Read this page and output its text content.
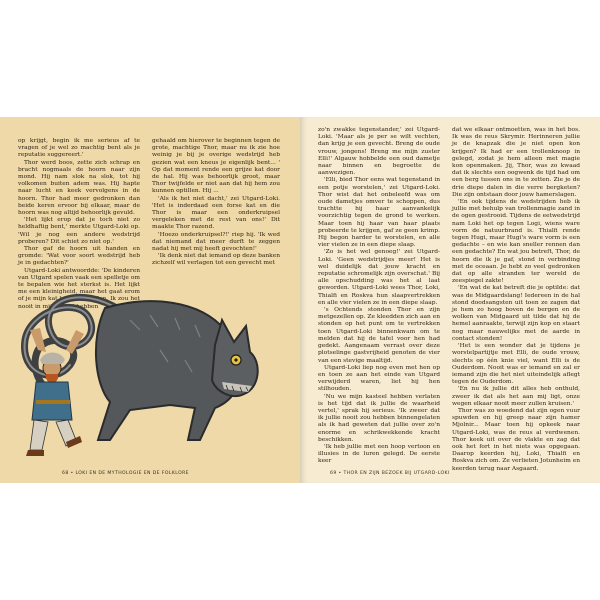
op krijgt, begin ik me serieus af te vragen of je wel zo machtig bent als je reputatie suggereert.'

Thor werd boos, zette zich schrap en bracht nogmaals de hoorn naar zijn mond. Hij nam slok na slok, tot hij volkomen buiten adem was. Hij hapte naar lucht en keek vervolgens in de hoorn. Thor had meer gedronken dan beide keren ervoor bij elkaar, maar de hoorn was nog altijd behoorlijk gevuld.

'Het lijkt erop dat je toch niet zo heldhaftig bent,' merkte Utgard-Loki op. 'Wil je nog een andere wedstrijd proberen? Dit schiet zo niet op.'

Thor gaf de hoorn uit handen en gromde: 'Wat voor soort wedstrijd heb je in gedachten?'

Utgard-Loki antwoordde: 'De kinderen van Utgard spelen vaak een spelletje om te bepalen wie het sterkst is. Het lijkt me een kleinigheid, maar het gaat erom of je mijn kat kunnen optillen. Ik zou het nooit in mijn hoofd hebben

gehaald om hierover te beginnen tegen de grote, machtige Thor, maar nu ik zie hoe weinig je bij je overige wedstrijd heb gezien wat een kneus je eigenlijk bent... ' Op dat moment rende een grijze kat door de hal. Hij was behoorlijk groot, maar Thor twijfelde er niet aan dat hij hem zou kunnen optillen. Hij ...

'Als ik het niet dacht,' zei Utgard-Loki. 'Het is inderdaad een forse kat en die Thor is maar een onderkruipsel vergeleken met de rest van ons!' Dit maakte Thor razend.

'Hoezo onderkruipsel?!' riep hij. 'Ik wed dat niemand dat meer durft te zeggen nadat hij met mij heeft gevochten!'

'Ik denk niet dat iemand op deze banken zichzelf wil verlagen tot een gevecht met

68 • LOKI EN DE MYTHOLOGIE EN DE FOLKLORE

zo'n zwakke tegenstander,' zei Utgard-Loki. 'Maar als je per se wilt vechten, dan krijg je een gevecht. Breng de oude vrouw, jongens! Breng me mijn zuster Elli!' Algauw hobbelde een oud dametje naar binnen en begroette de aanwezigen.

'Elli, bied Thor eens wat tegenstand in een potje worstelen,' zei Utgard-Loki. Thor wist dat het onbeleefd was om oude dametjes omver te schoppen, dus trachtte hij haar aanvankelijk voorzichtig tegen de grond te werken. Maar toen hij haar van haar plaats probeerde te krijgen, gaf ze geen krimp. Hij begon harder te worstelen, en alle vier vielen ze in een diepe slaap.

'Zo is het wel genoeg!' zei Utgard-Loki. 'Geen wedstrijdjes meer! Het is wel duidelijk dat jouw kracht en reputatie schromelijk zijn overschat.' Bij alle opschudding was het al laat geworden. Utgard-Loki wees Thor, Loki, Thialfi en Roskva hun slaapvertrekken en alle vier vielen ze in een diepe slaap.

's Ochtends stonden Thor en zijn metgezellen op. Ze kleedden zich aan en stonden op het punt om te vertrekken toen Utgard-Loki binnenkwam om te melden dat hij de tafel voor hen had gedekt. Aangenaam verrast over deze plotselinge gastvrijheid genoten de vier van een stevige maaltijd.

Utgard-Loki liep nog even met hen op en toen ze aan het einde van Utgard verwijderd waren, liet hij hen stilhouden.

'Nu we mijn kasteel hebben verlaten is het tijd dat ik jullie de waarheid vertel,' sprak hij serieus. 'Ik zweer dat ik jullie nooit zou hebben binnengelaten als ik had geweten dat jullie over zo'n enorme en schrikwekkende kracht beschikken.

'Ik heb jullie met een hoop vertoon en illusies in de luren gelegd. De eerste keer

dat we elkaar ontmoetten, was in het bos. Ik was de reus Skrymir. Herinneren jullie je de knapzak die je niet open kon krijgen? Ik had er een trollenknoop in gelegd, zodat je hem alleen met magie kon openmaken. Jij, Thor, was zo kwaad dat ik slechts een oogwenk de tijd had om een berg tussen ons in te zetten. Zie je de drie diepe dalen in die verre bergketen? Die zijn ontstaan door jouw hamerslagen.

'En ook tijdens de wedstrijden heb ik jullie met behulp van trollenmagie zand in de ogen gestrooid. Tijdens de eetwedstrijd nam Loki het op tegen Logi, wiens ware vorm de natuurbrand is. Thialfi rende tegen Hugi, maar Hugi's ware vorm is een gedachte – en wie kan sneller rennen dan een gedachte? En wat jou betreft, Thor, de hoorn die ik je gaf, stond in verbinding met de oceaan. Je hebt zo veel gedronken dat op alle stranden ter wereld de zeespiegel zakte!

'En wat de kat betreft die je optilde: dat was de Midgaardslang! Iedereen in de hal stond doodsangsten uit toen ze zagen dat je hem zo hoog boven de bergen en de wolken van Midgaard uit tilde dat hij de hemel aanraakte, terwijl zijn kop en staart nog maar nauwelijks met de aarde in contact stonden!

'Het is een wonder dat je tijdens je worstelpartijtje met Elli, de oude vrouw, slechts op één knie viel, want Elli is de Ouderdom. Nooit was er iemand en zal er iemand zijn die het niet uiteindelijk aflegt tegen de Ouderdom.

'En nu ik jullie dit alles heb onthuld, zweer ik dat als het aan mij ligt, onze wegen elkaar nooit meer zullen kruisen.'

Thor was zo woedend dat zijn ogen vuur spuwden en hij greep naar zijn hamer Mjolnir... Maar toen hij opkeek naar Utgard-Loki, was de reus al verdwenen. Thor keek uit over de vlakte en zag dat ook het fort in het niets was opgegaan. Daarop keerden hij, Loki, Thialfi en Roskva zich om. Ze verlieten Jotunheim en keerden terug naar Asgaard.

69 • THOR EN ZIJN BEZOEK BIJ UTGARD-LOKI
